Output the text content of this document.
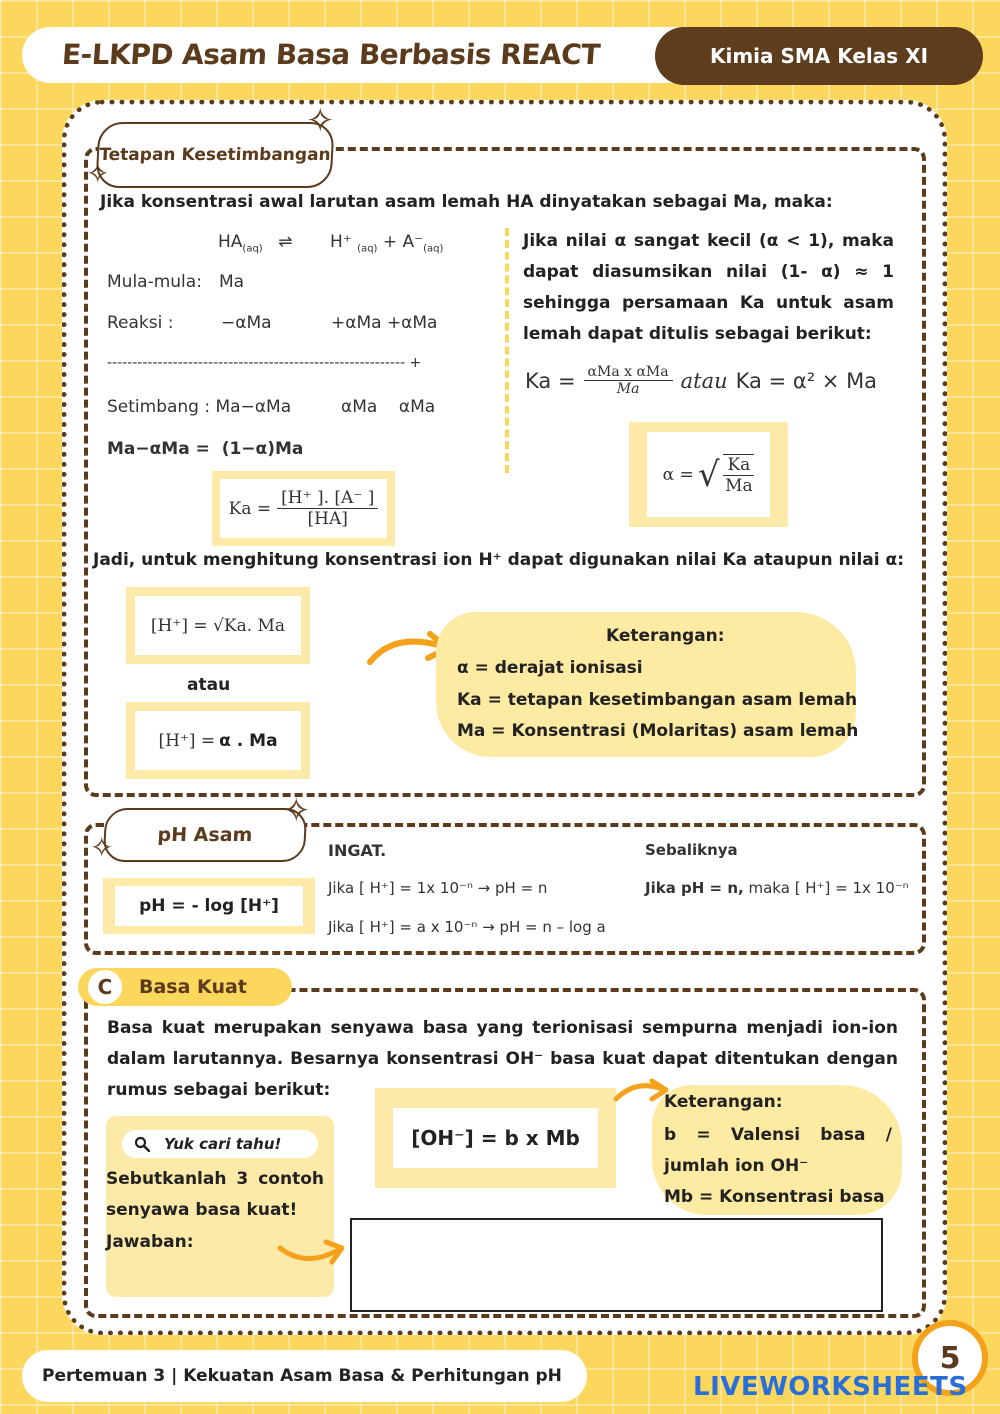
E-LKPD Asam Basa Berbasis REACT	Kimia SMA Kelas XI
Tetapan Kesetimbangan
✧
✧
Jika konsentrasi awal larutan asam lemah HA dinyatakan sebagai Ma, maka:
$HA_{(aq)}$ ⇌ H⁺ $_{(aq)} + A^-_{(aq)}$
Mula-mula: Ma
Reaksi :	−αMa	+αMa +αMa
----------------------------------------------------------- +
Setimbang : Ma−αMa	αMa    αMa
Ma−αMa =  (1−α)Ma
$Ka = \frac{[H^+ ]. [A^- ]}{[HA]}$
Jika nilai α sangat kecil (α < 1), maka dapat diasumsikan nilai (1- α) ≈ 1 sehingga persamaan Ka untuk asam lemah dapat ditulis sebagai berikut:
$Ka = \frac{\text{αMa x αMa}}{Ma}$ atau Ka = α² × Ma
α = √ $\frac{Ka}{Ma}$
Jadi, untuk menghitung konsentrasi ion H⁺ dapat digunakan nilai Ka ataupun nilai α:
[H⁺] = √Ka. Ma
atau
[H⁺] = α . Ma
Keterangan:
α = derajat ionisasi
Ka = tetapan kesetimbangan asam lemah
Ma = Konsentrasi (Molaritas) asam lemah
pH Asam
✧
✧
pH = - log [H⁺]
INGAT.
Jika [ H⁺] = 1x 10⁻ⁿ → pH = n
Jika [ H⁺] = a x 10⁻ⁿ → pH = n – log a
Sebaliknya
Jika pH = n, maka [ H⁺] = 1x 10⁻ⁿ
C	Basa Kuat
Basa kuat merupakan senyawa basa yang terionisasi sempurna menjadi ion-ion dalam larutannya. Besarnya konsentrasi OH⁻ basa kuat dapat ditentukan dengan rumus sebagai berikut:
[OH⁻] = b x Mb
Keterangan:
b = Valensi basa / jumlah ion OH⁻
Mb = Konsentrasi basa
Yuk cari tahu!
Sebutkanlah 3 contoh senyawa basa kuat!
Jawaban:
Pertemuan 3 | Kekuatan Asam Basa & Perhitungan pH
5
LIVEWORKSHEETS
